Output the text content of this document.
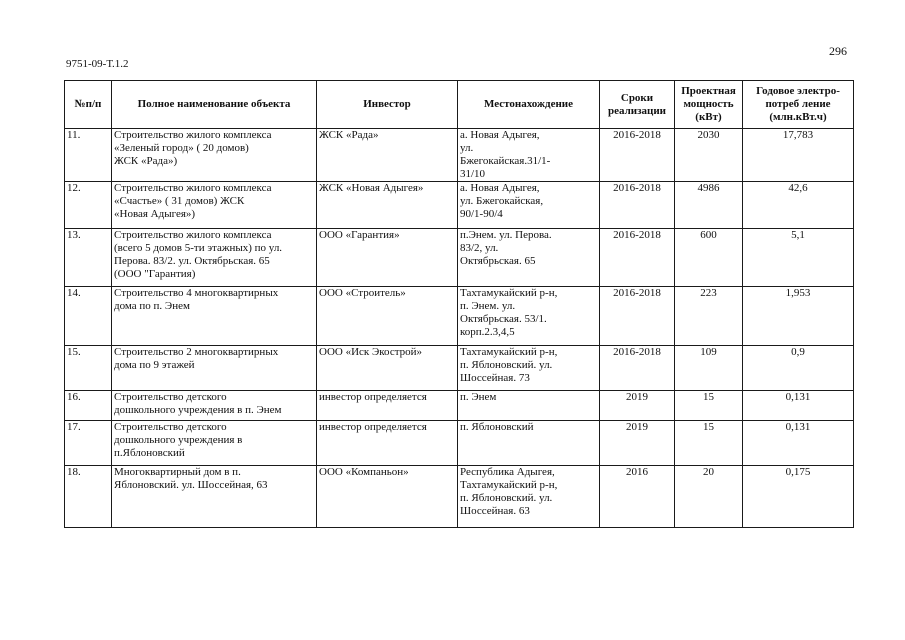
296
9751-09-Т.1.2
№п/п	Полное наименование объекта	Инвестор	Местонахождение	Сроки реализации	Проектная мощность (кВт)	Годовое электро-потреб ление (млн.кВт.ч)
11.	Строительство жилого комплекса
«Зеленый город» ( 20 домов)
ЖСК «Рада»)	ЖСК «Рада»	а. Новая Адыгея,
ул.
Бжегокайская.31/1-
31/10	2016-2018	2030	17,783
12.	Строительство жилого комплекса
«Счастье» ( 31 домов) ЖСК
«Новая Адыгея»)	ЖСК «Новая Адыгея»	а. Новая Адыгея,
ул. Бжегокайская,
90/1-90/4	2016-2018	4986	42,6
13.	Строительство жилого комплекса
(всего 5 домов 5-ти этажных) по ул.
Перова. 83/2. ул. Октябрьская. 65
(ООО "Гарантия)	ООО «Гарантия»	п.Энем. ул. Перова.
83/2, ул.
Октябрьская. 65	2016-2018	600	5,1
14.	Строительство 4 многоквартирных
дома по п. Энем	ООО «Строитель»	Тахтамукайский р-н,
п. Энем. ул.
Октябрьская. 53/1.
корп.2.3,4,5	2016-2018	223	1,953
15.	Строительство 2 многоквартирных
дома по 9 этажей	ООО «Иск Экострой»	Тахтамукайский р-н,
п. Яблоновский. ул.
Шоссейная. 73	2016-2018	109	0,9
16.	Строительство детского
дошкольного учреждения в п. Энем	инвестор определяется	п. Энем	2019	15	0,131
17.	Строительство детского
дошкольного учреждения в
п.Яблоновский	инвестор определяется	п. Яблоновский	2019	15	0,131
18.	Многоквартирный дом в п.
Яблоновский. ул. Шоссейная, 63	ООО «Компаньон»	Республика Адыгея,
Тахтамукайский р-н,
п. Яблоновский. ул.
Шоссейная. 63	2016	20	0,175
